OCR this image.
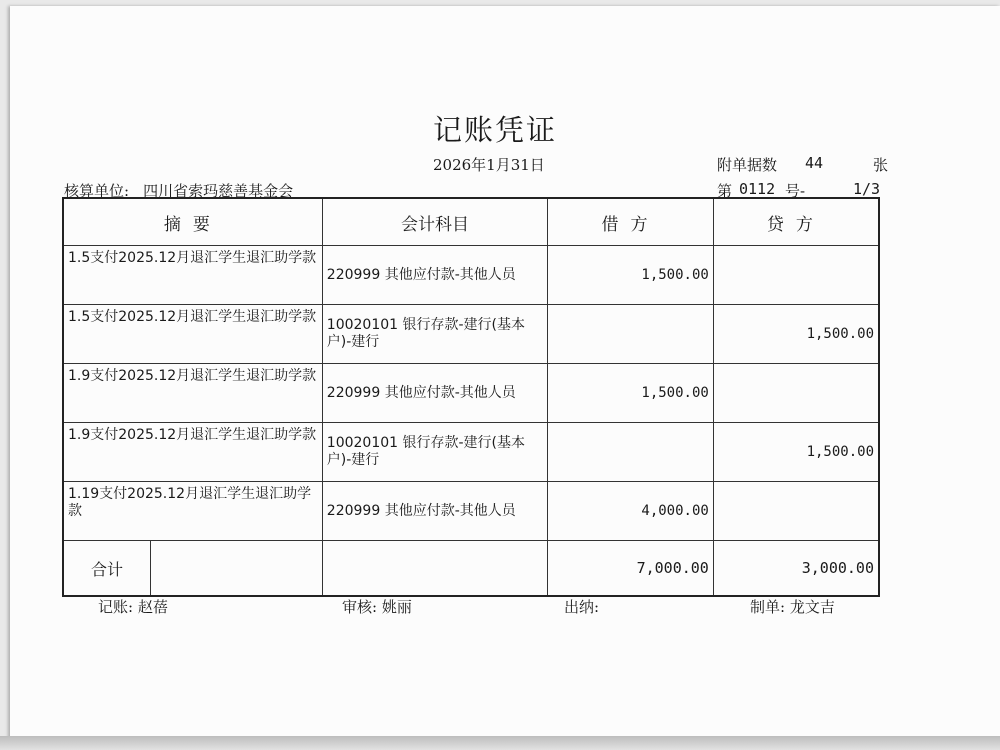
记账凭证
2026年1月31日	附单据数 44	张
核算单位: 四川省索玛慈善基金会	第 0112 号-	1/3
摘要	会计科目	借方	贷方
1.5支付2025.12月退汇学生退汇助学款	220999 其他应付款-其他人员	1,500.00	
1.5支付2025.12月退汇学生退汇助学款	10020101 银行存款-建行(基本户)-建行		1,500.00
1.9支付2025.12月退汇学生退汇助学款	220999 其他应付款-其他人员	1,500.00	
1.9支付2025.12月退汇学生退汇助学款	10020101 银行存款-建行(基本户)-建行		1,500.00
1.19支付2025.12月退汇学生退汇助学款	220999 其他应付款-其他人员	4,000.00	

合计		7,000.00	3,000.00
记账: 赵蓓	审核: 姚丽	出纳:	制单: 龙文吉
